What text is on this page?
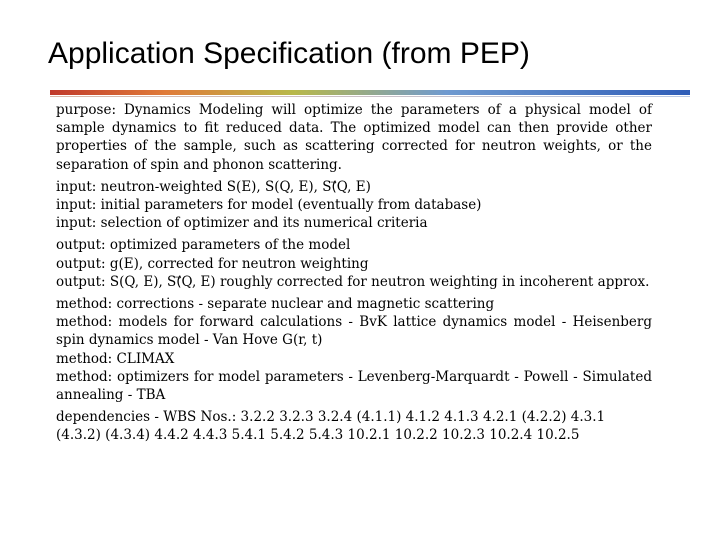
Application Specification (from PEP)

purpose: Dynamics Modeling will optimize the parameters of a physical model of sample dynamics to fit reduced data. The optimized model can then provide other properties of the sample, such as scattering corrected for neutron weights, or the separation of spin and phonon scattering.

input: neutron-weighted S(E), S(Q, E), S(⃗Q, E)

input: initial parameters for model (eventually from database)

input: selection of optimizer and its numerical criteria

output: optimized parameters of the model

output: g(E), corrected for neutron weighting

output: S(Q, E), S(⃗Q, E) roughly corrected for neutron weighting in incoherent approx.

method: corrections - separate nuclear and magnetic scattering

method: models for forward calculations - BvK lattice dynamics model - Heisenberg spin dynamics model - Van Hove G(r, t)

method: CLIMAX

method: optimizers for model parameters - Levenberg-Marquardt - Powell - Simulated annealing - TBA

dependencies - WBS Nos.: 3.2.2 3.2.3 3.2.4 (4.1.1) 4.1.2 4.1.3 4.2.1 (4.2.2) 4.3.1
(4.3.2) (4.3.4) 4.4.2 4.4.3 5.4.1 5.4.2 5.4.3 10.2.1 10.2.2 10.2.3 10.2.4 10.2.5
